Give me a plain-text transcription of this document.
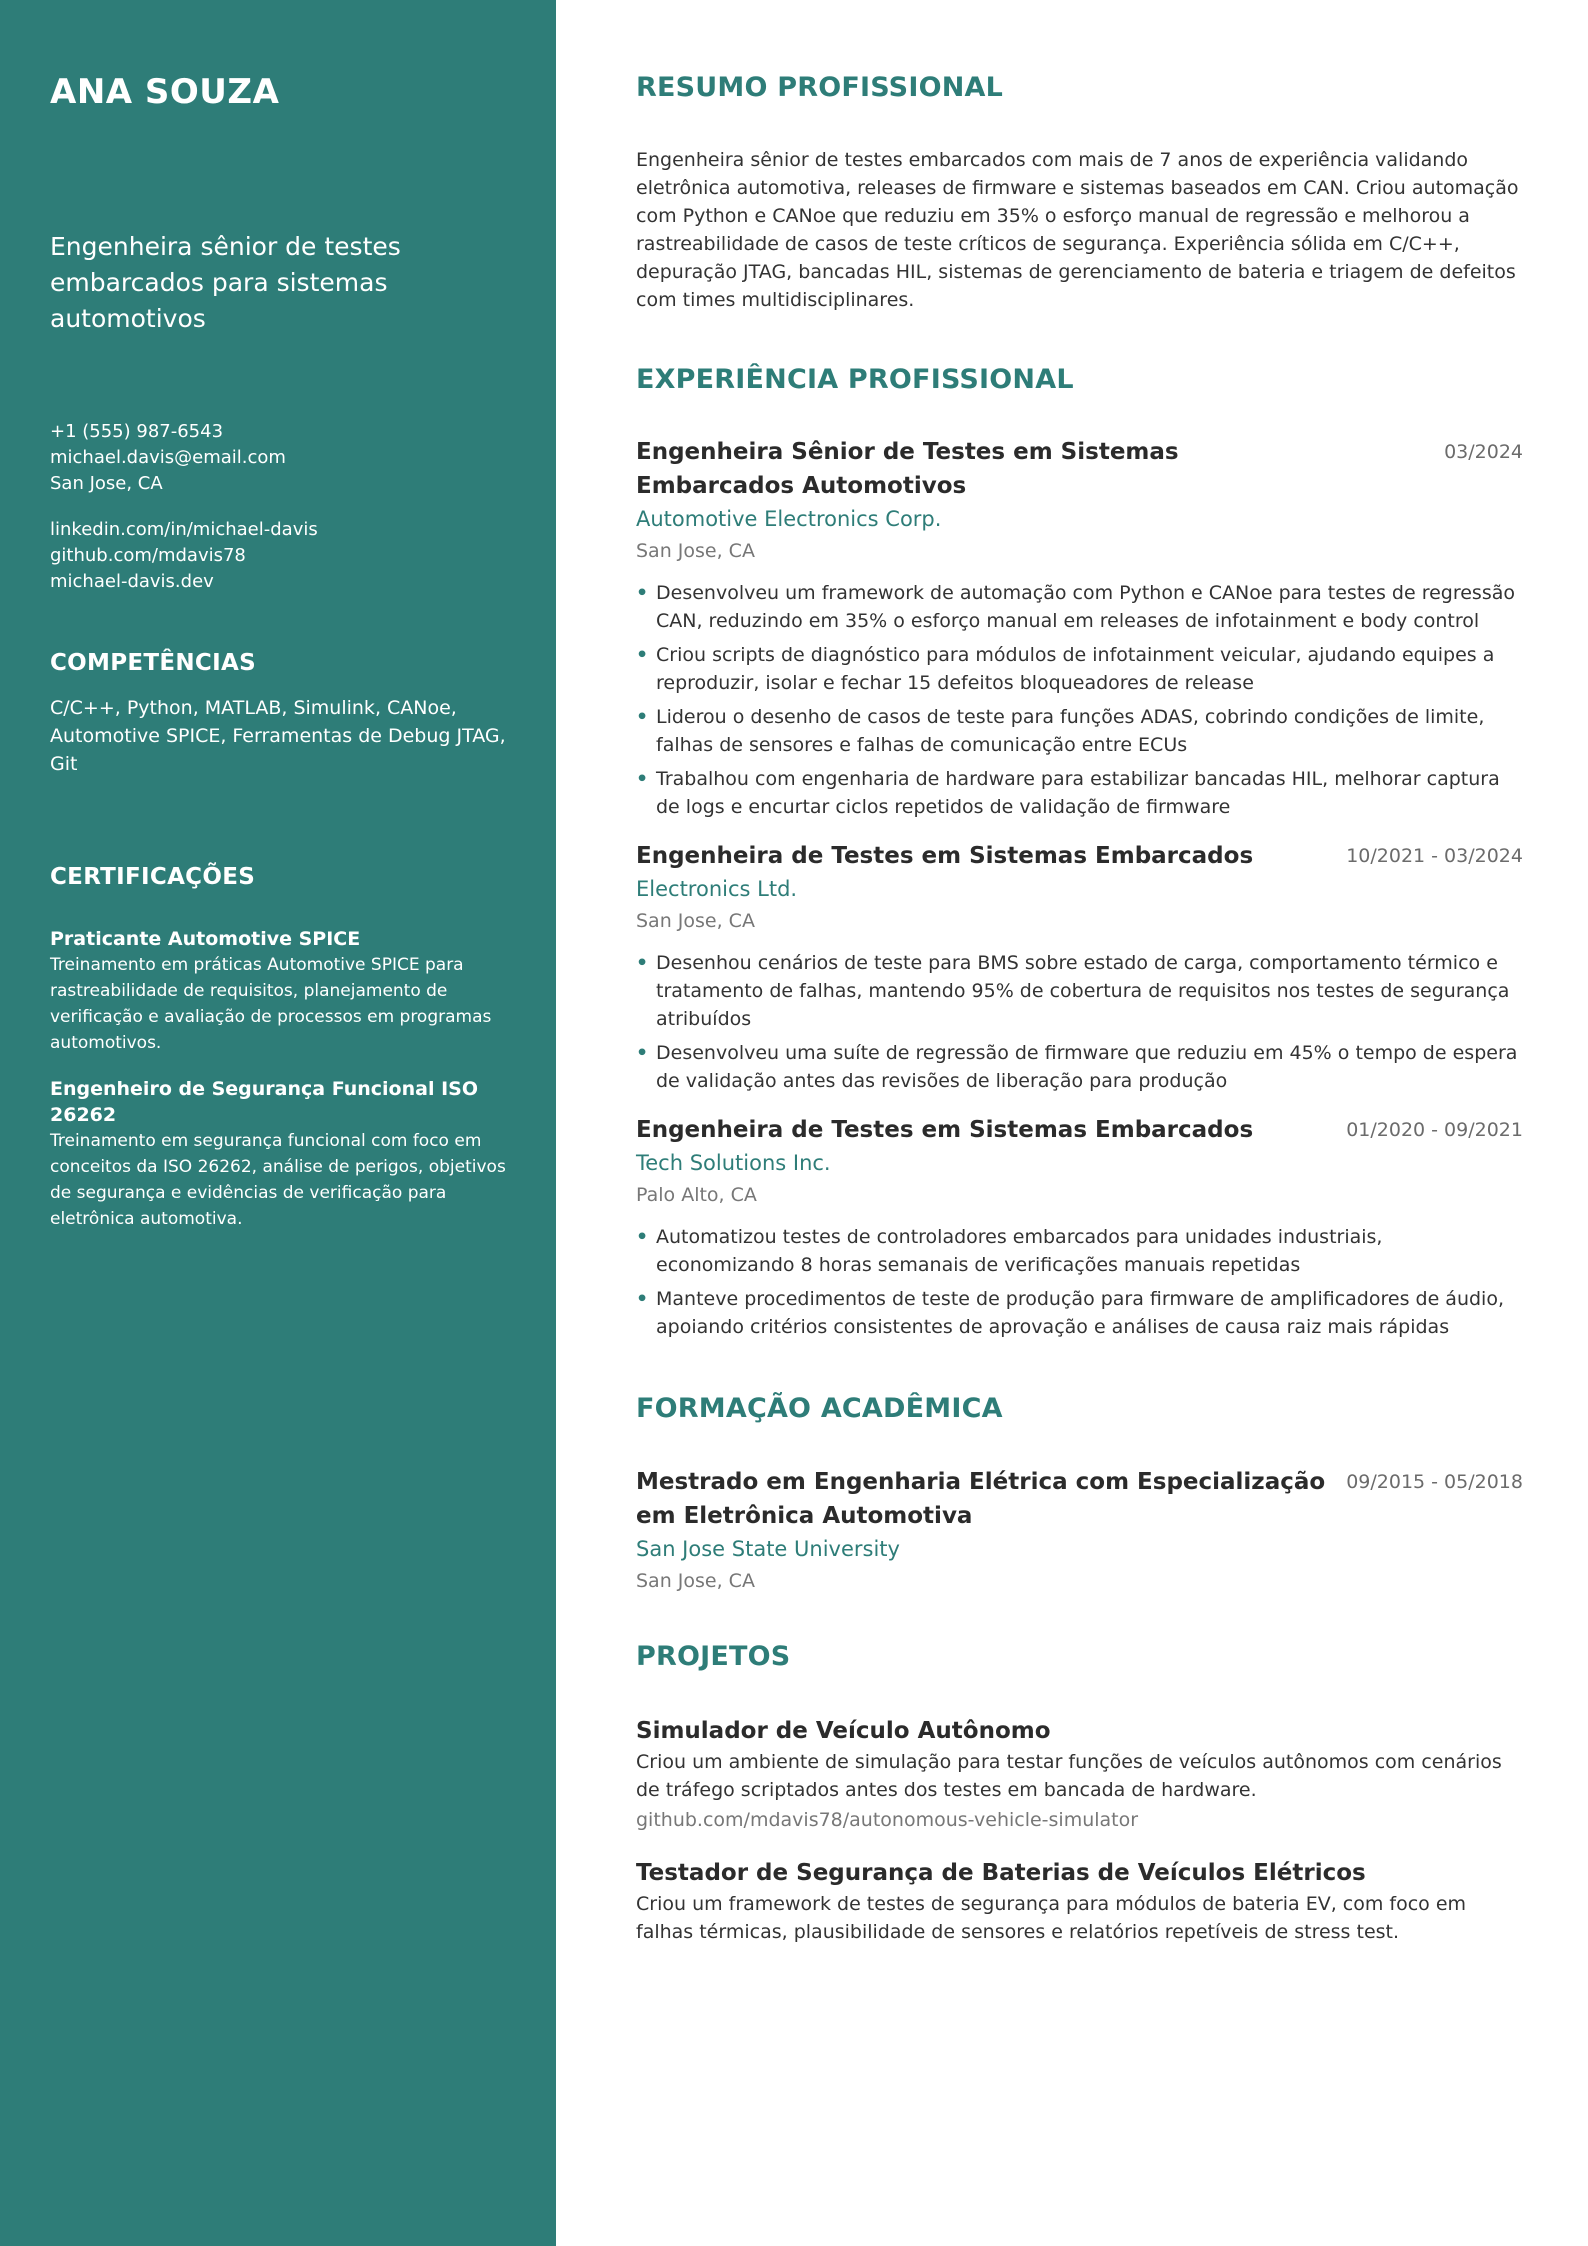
ANA SOUZA

Engenheira sênior de testes embarcados para sistemas automotivos

+1 (555) 987-6543
michael.davis@email.com
San Jose, CA
linkedin.com/in/michael-davis
github.com/mdavis78
michael-davis.dev
COMPETÊNCIAS
C/C++, Python, MATLAB, Simulink, CANoe, Automotive SPICE, Ferramentas de Debug JTAG, Git
CERTIFICAÇÕES
Praticante Automotive SPICE
Treinamento em práticas Automotive SPICE para rastreabilidade de requisitos, planejamento de verificação e avaliação de processos em programas automotivos.
Engenheiro de Segurança Funcional ISO 26262
Treinamento em segurança funcional com foco em conceitos da ISO 26262, análise de perigos, objetivos de segurança e evidências de verificação para eletrônica automotiva.
RESUMO PROFISSIONAL

Engenheira sênior de testes embarcados com mais de 7 anos de experiência validando eletrônica automotiva, releases de firmware e sistemas baseados em CAN. Criou automação com Python e CANoe que reduziu em 35% o esforço manual de regressão e melhorou a rastreabilidade de casos de teste críticos de segurança. Experiência sólida em C/C++, depuração JTAG, bancadas HIL, sistemas de gerenciamento de bateria e triagem de defeitos com times multidisciplinares.

EXPERIÊNCIA PROFISSIONAL
Engenheira Sênior de Testes em Sistemas Embarcados Automotivos
03/2024
Automotive Electronics Corp.
San Jose, CA
• Desenvolveu um framework de automação com Python e CANoe para testes de regressão CAN, reduzindo em 35% o esforço manual em releases de infotainment e body control
• Criou scripts de diagnóstico para módulos de infotainment veicular, ajudando equipes a reproduzir, isolar e fechar 15 defeitos bloqueadores de release
• Liderou o desenho de casos de teste para funções ADAS, cobrindo condições de limite, falhas de sensores e falhas de comunicação entre ECUs
• Trabalhou com engenharia de hardware para estabilizar bancadas HIL, melhorar captura de logs e encurtar ciclos repetidos de validação de firmware
Engenheira de Testes em Sistemas Embarcados	10/2021 - 03/2024
Electronics Ltd.
San Jose, CA
• Desenhou cenários de teste para BMS sobre estado de carga, comportamento térmico e tratamento de falhas, mantendo 95% de cobertura de requisitos nos testes de segurança atribuídos
• Desenvolveu uma suíte de regressão de firmware que reduziu em 45% o tempo de espera de validação antes das revisões de liberação para produção
Engenheira de Testes em Sistemas Embarcados	01/2020 - 09/2021
Tech Solutions Inc.
Palo Alto, CA
• Automatizou testes de controladores embarcados para unidades industriais, economizando 8 horas semanais de verificações manuais repetidas
• Manteve procedimentos de teste de produção para firmware de amplificadores de áudio, apoiando critérios consistentes de aprovação e análises de causa raiz mais rápidas
FORMAÇÃO ACADÊMICA
Mestrado em Engenharia Elétrica com Especialização em Eletrônica Automotiva
09/2015 - 05/2018
San Jose State University
San Jose, CA
PROJETOS
Simulador de Veículo Autônomo
Criou um ambiente de simulação para testar funções de veículos autônomos com cenários de tráfego scriptados antes dos testes em bancada de hardware.
github.com/mdavis78/autonomous-vehicle-simulator
Testador de Segurança de Baterias de Veículos Elétricos
Criou um framework de testes de segurança para módulos de bateria EV, com foco em falhas térmicas, plausibilidade de sensores e relatórios repetíveis de stress test.
